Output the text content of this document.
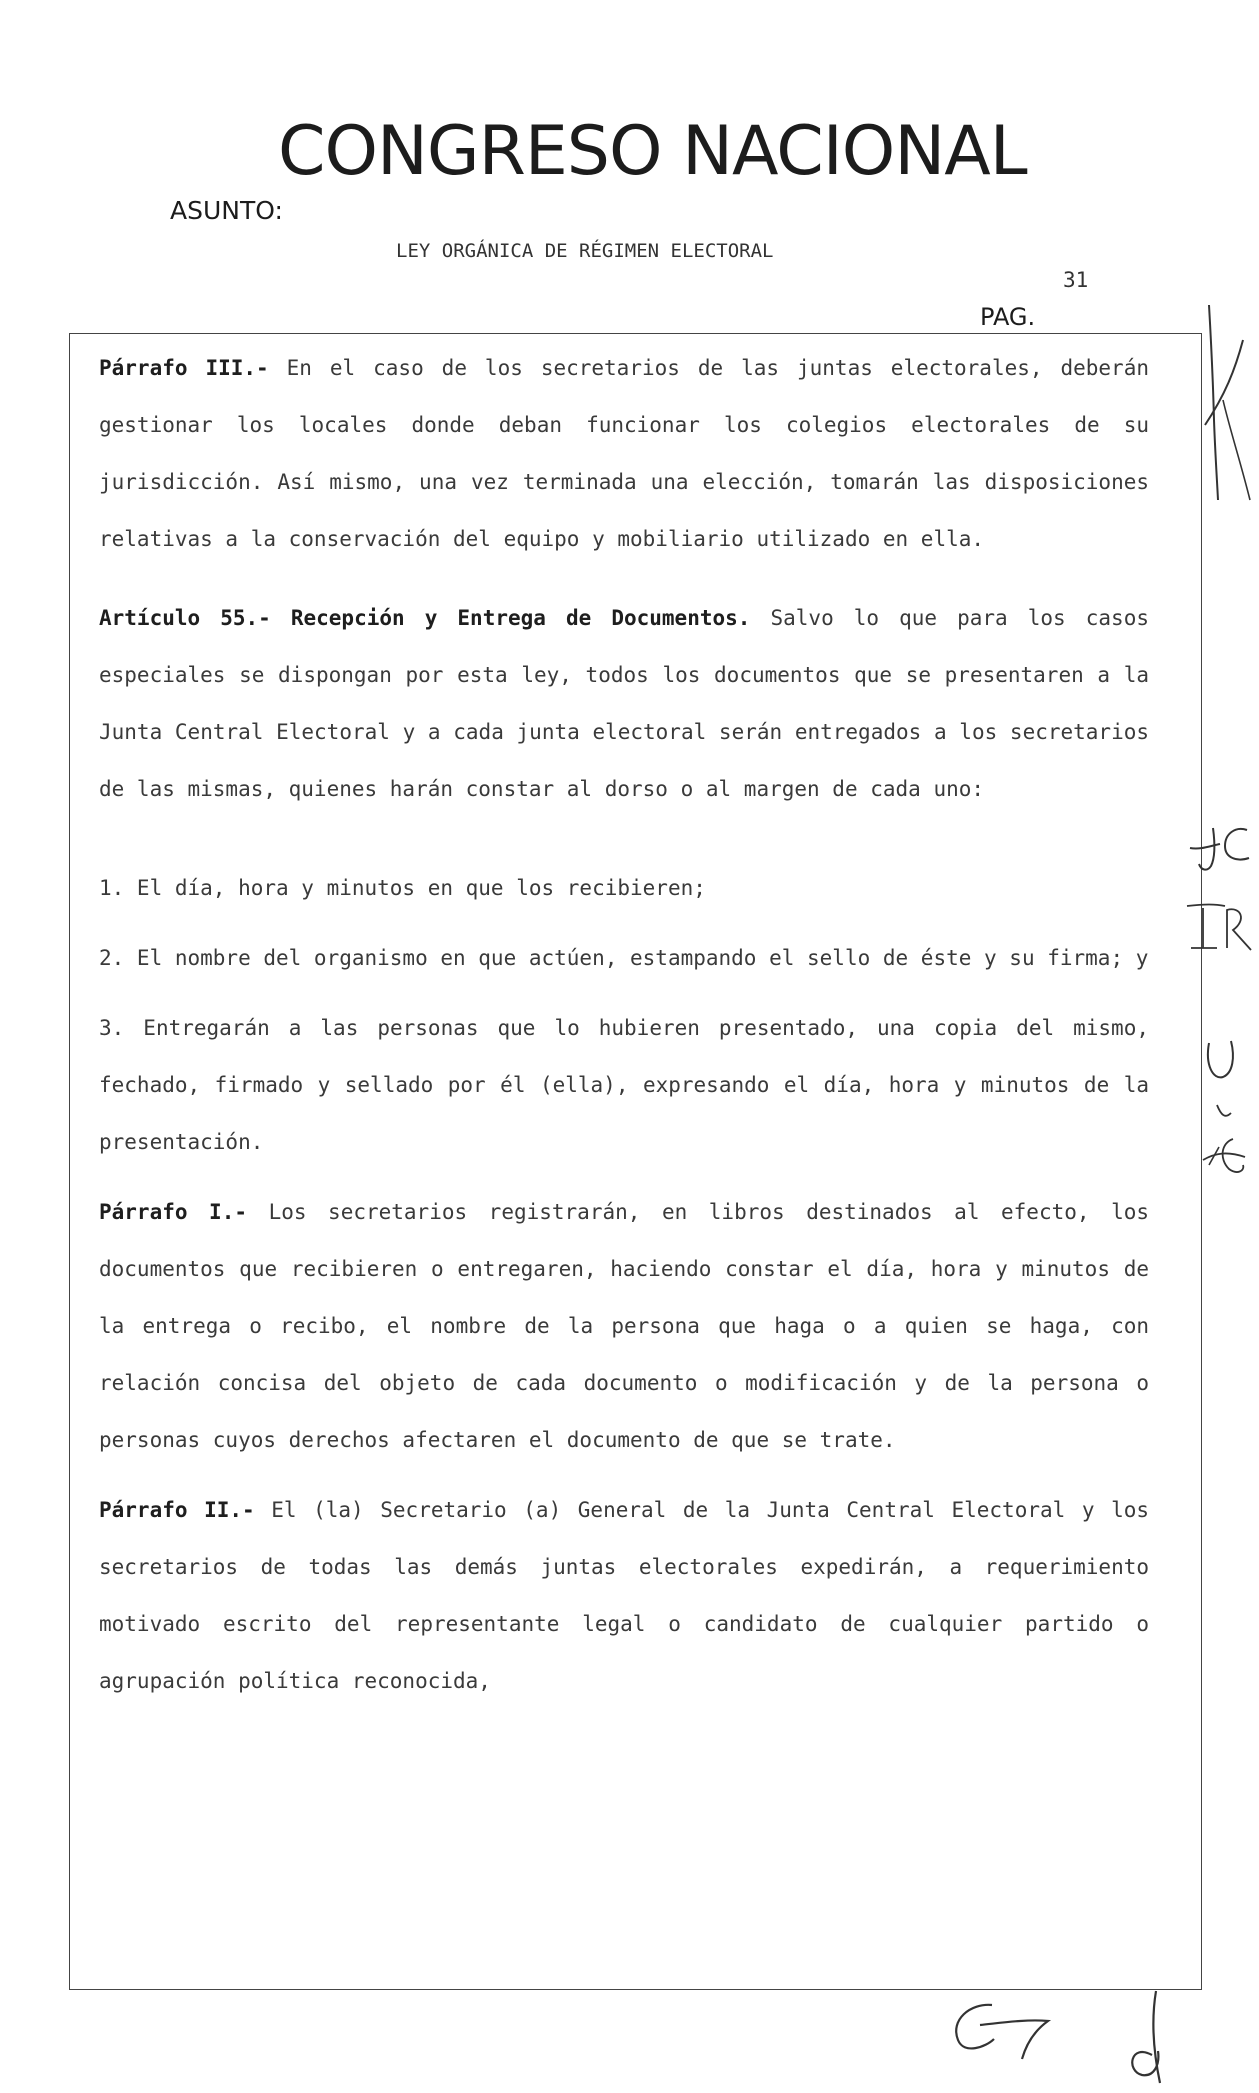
CONGRESO NACIONAL
ASUNTO:
LEY ORGÁNICA DE RÉGIMEN ELECTORAL
31
PAG.

Párrafo III.- En el caso de los secretarios de las juntas electorales, deberán gestionar los locales donde deban funcionar los colegios electorales de su jurisdicción. Así mismo, una vez terminada una elección, tomarán las disposiciones relativas a la conservación del equipo y mobiliario utilizado en ella.

Artículo 55.- Recepción y Entrega de Documentos. Salvo lo que para los casos especiales se dispongan por esta ley, todos los documentos que se presentaren a la Junta Central Electoral y a cada junta electoral serán entregados a los secretarios de las mismas, quienes harán constar al dorso o al margen de cada uno:

1. El día, hora y minutos en que los recibieren;

2. El nombre del organismo en que actúen, estampando el sello de éste y su firma; y

3. Entregarán a las personas que lo hubieren presentado, una copia del mismo, fechado, firmado y sellado por él (ella), expresando el día, hora y minutos de la presentación.

Párrafo I.- Los secretarios registrarán, en libros destinados al efecto, los documentos que recibieren o entregaren, haciendo constar el día, hora y minutos de la entrega o recibo, el nombre de la persona que haga o a quien se haga, con relación concisa del objeto de cada documento o modificación y de la persona o personas cuyos derechos afectaren el documento de que se trate.

Párrafo II.- El (la) Secretario (a) General de la Junta Central Electoral y los secretarios de todas las demás juntas electorales expedirán, a requerimiento motivado escrito del representante legal o candidato de cualquier partido o agrupación política reconocida,
